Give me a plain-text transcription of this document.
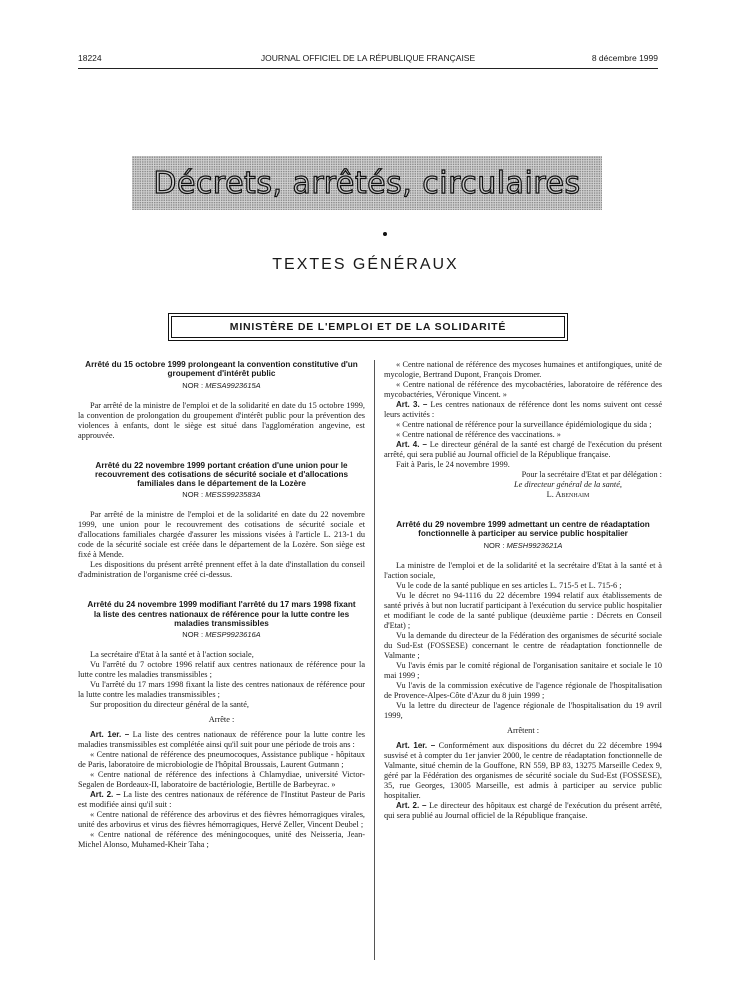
18224	JOURNAL OFFICIEL DE LA RÉPUBLIQUE FRANÇAISE	8 décembre 1999
Décrets, arrêtés, circulaires
TEXTES GÉNÉRAUX
MINISTÈRE DE L'EMPLOI ET DE LA SOLIDARITÉ
Arrêté du 15 octobre 1999 prolongeant la convention constitutive d'un groupement d'intérêt public
NOR : MESA9923615A

Par arrêté de la ministre de l'emploi et de la solidarité en date du 15 octobre 1999, la convention de prolongation du groupement d'intérêt public pour la prévention des violences à enfants, dont le siège est situé dans l'agglomération angevine, est approuvée.

Arrêté du 22 novembre 1999 portant création d'une union pour le recouvrement des cotisations de sécurité sociale et d'allocations familiales dans le département de la Lozère
NOR : MESS9923583A

Par arrêté de la ministre de l'emploi et de la solidarité en date du 22 novembre 1999, une union pour le recouvrement des cotisations de sécurité sociale et d'allocations familiales chargée d'assurer les missions visées à l'article L. 213-1 du code de la sécurité sociale est créée dans le département de la Lozère. Son siège est fixé à Mende.

Les dispositions du présent arrêté prennent effet à la date d'installation du conseil d'administration de l'organisme créé ci-dessus.

Arrêté du 24 novembre 1999 modifiant l'arrêté du 17 mars 1998 fixant la liste des centres nationaux de référence pour la lutte contre les maladies transmissibles
NOR : MESP9923616A

La secrétaire d'Etat à la santé et à l'action sociale,

Vu l'arrêté du 7 octobre 1996 relatif aux centres nationaux de référence pour la lutte contre les maladies transmissibles ;

Vu l'arrêté du 17 mars 1998 fixant la liste des centres nationaux de référence pour la lutte contre les maladies transmissibles ;

Sur proposition du directeur général de la santé,

Arrête :

Art. 1er. – La liste des centres nationaux de référence pour la lutte contre les maladies transmissibles est complétée ainsi qu'il suit pour une période de trois ans :

« Centre national de référence des pneumocoques, Assistance publique - hôpitaux de Paris, laboratoire de microbiologie de l'hôpital Broussais, Laurent Gutmann ;

« Centre national de référence des infections à Chlamydiae, université Victor-Segalen de Bordeaux-II, laboratoire de bactériologie, Bertille de Barbeyrac. »

Art. 2. – La liste des centres nationaux de référence de l'Institut Pasteur de Paris est modifiée ainsi qu'il suit :

« Centre national de référence des arbovirus et des fièvres hémorragiques virales, unité des arbovirus et virus des fièvres hémorragiques, Hervé Zeller, Vincent Deubel ;

« Centre national de référence des méningocoques, unité des Neisseria, Jean-Michel Alonso, Muhamed-Kheir Taha ;

« Centre national de référence des mycoses humaines et antifongiques, unité de mycologie, Bertrand Dupont, François Dromer.

« Centre national de référence des mycobactéries, laboratoire de référence des mycobactéries, Véronique Vincent. »

Art. 3. – Les centres nationaux de référence dont les noms suivent ont cessé leurs activités :

« Centre national de référence pour la surveillance épidémiologique du sida ;

« Centre national de référence des vaccinations. »

Art. 4. – Le directeur général de la santé est chargé de l'exécution du présent arrêté, qui sera publié au Journal officiel de la République française.

Fait à Paris, le 24 novembre 1999.

Pour la secrétaire d'Etat et par délégation :

Le directeur général de la santé,

L. Abenhaim

Arrêté du 29 novembre 1999 admettant un centre de réadaptation fonctionnelle à participer au service public hospitalier
NOR : MESH9923621A

La ministre de l'emploi et de la solidarité et la secrétaire d'Etat à la santé et à l'action sociale,

Vu le code de la santé publique en ses articles L. 715-5 et L. 715-6 ;

Vu le décret no 94-1116 du 22 décembre 1994 relatif aux établissements de santé privés à but non lucratif participant à l'exécution du service public hospitalier et modifiant le code de la santé publique (deuxième partie : Décrets en Conseil d'Etat) ;

Vu la demande du directeur de la Fédération des organismes de sécurité sociale du Sud-Est (FOSSESE) concernant le centre de réadaptation fonctionnelle de Valmante ;

Vu l'avis émis par le comité régional de l'organisation sanitaire et sociale le 10 mai 1999 ;

Vu l'avis de la commission exécutive de l'agence régionale de l'hospitalisation de Provence-Alpes-Côte d'Azur du 8 juin 1999 ;

Vu la lettre du directeur de l'agence régionale de l'hospitalisation du 19 avril 1999,

Arrêtent :

Art. 1er. – Conformément aux dispositions du décret du 22 décembre 1994 susvisé et à compter du 1er janvier 2000, le centre de réadaptation fonctionnelle de Valmante, situé chemin de la Gouffone, RN 559, BP 83, 13275 Marseille Cedex 9, géré par la Fédération des organismes de sécurité sociale du Sud-Est (FOSSESE), 35, rue Georges, 13005 Marseille, est admis à participer au service public hospitalier.

Art. 2. – Le directeur des hôpitaux est chargé de l'exécution du présent arrêté, qui sera publié au Journal officiel de la République française.
